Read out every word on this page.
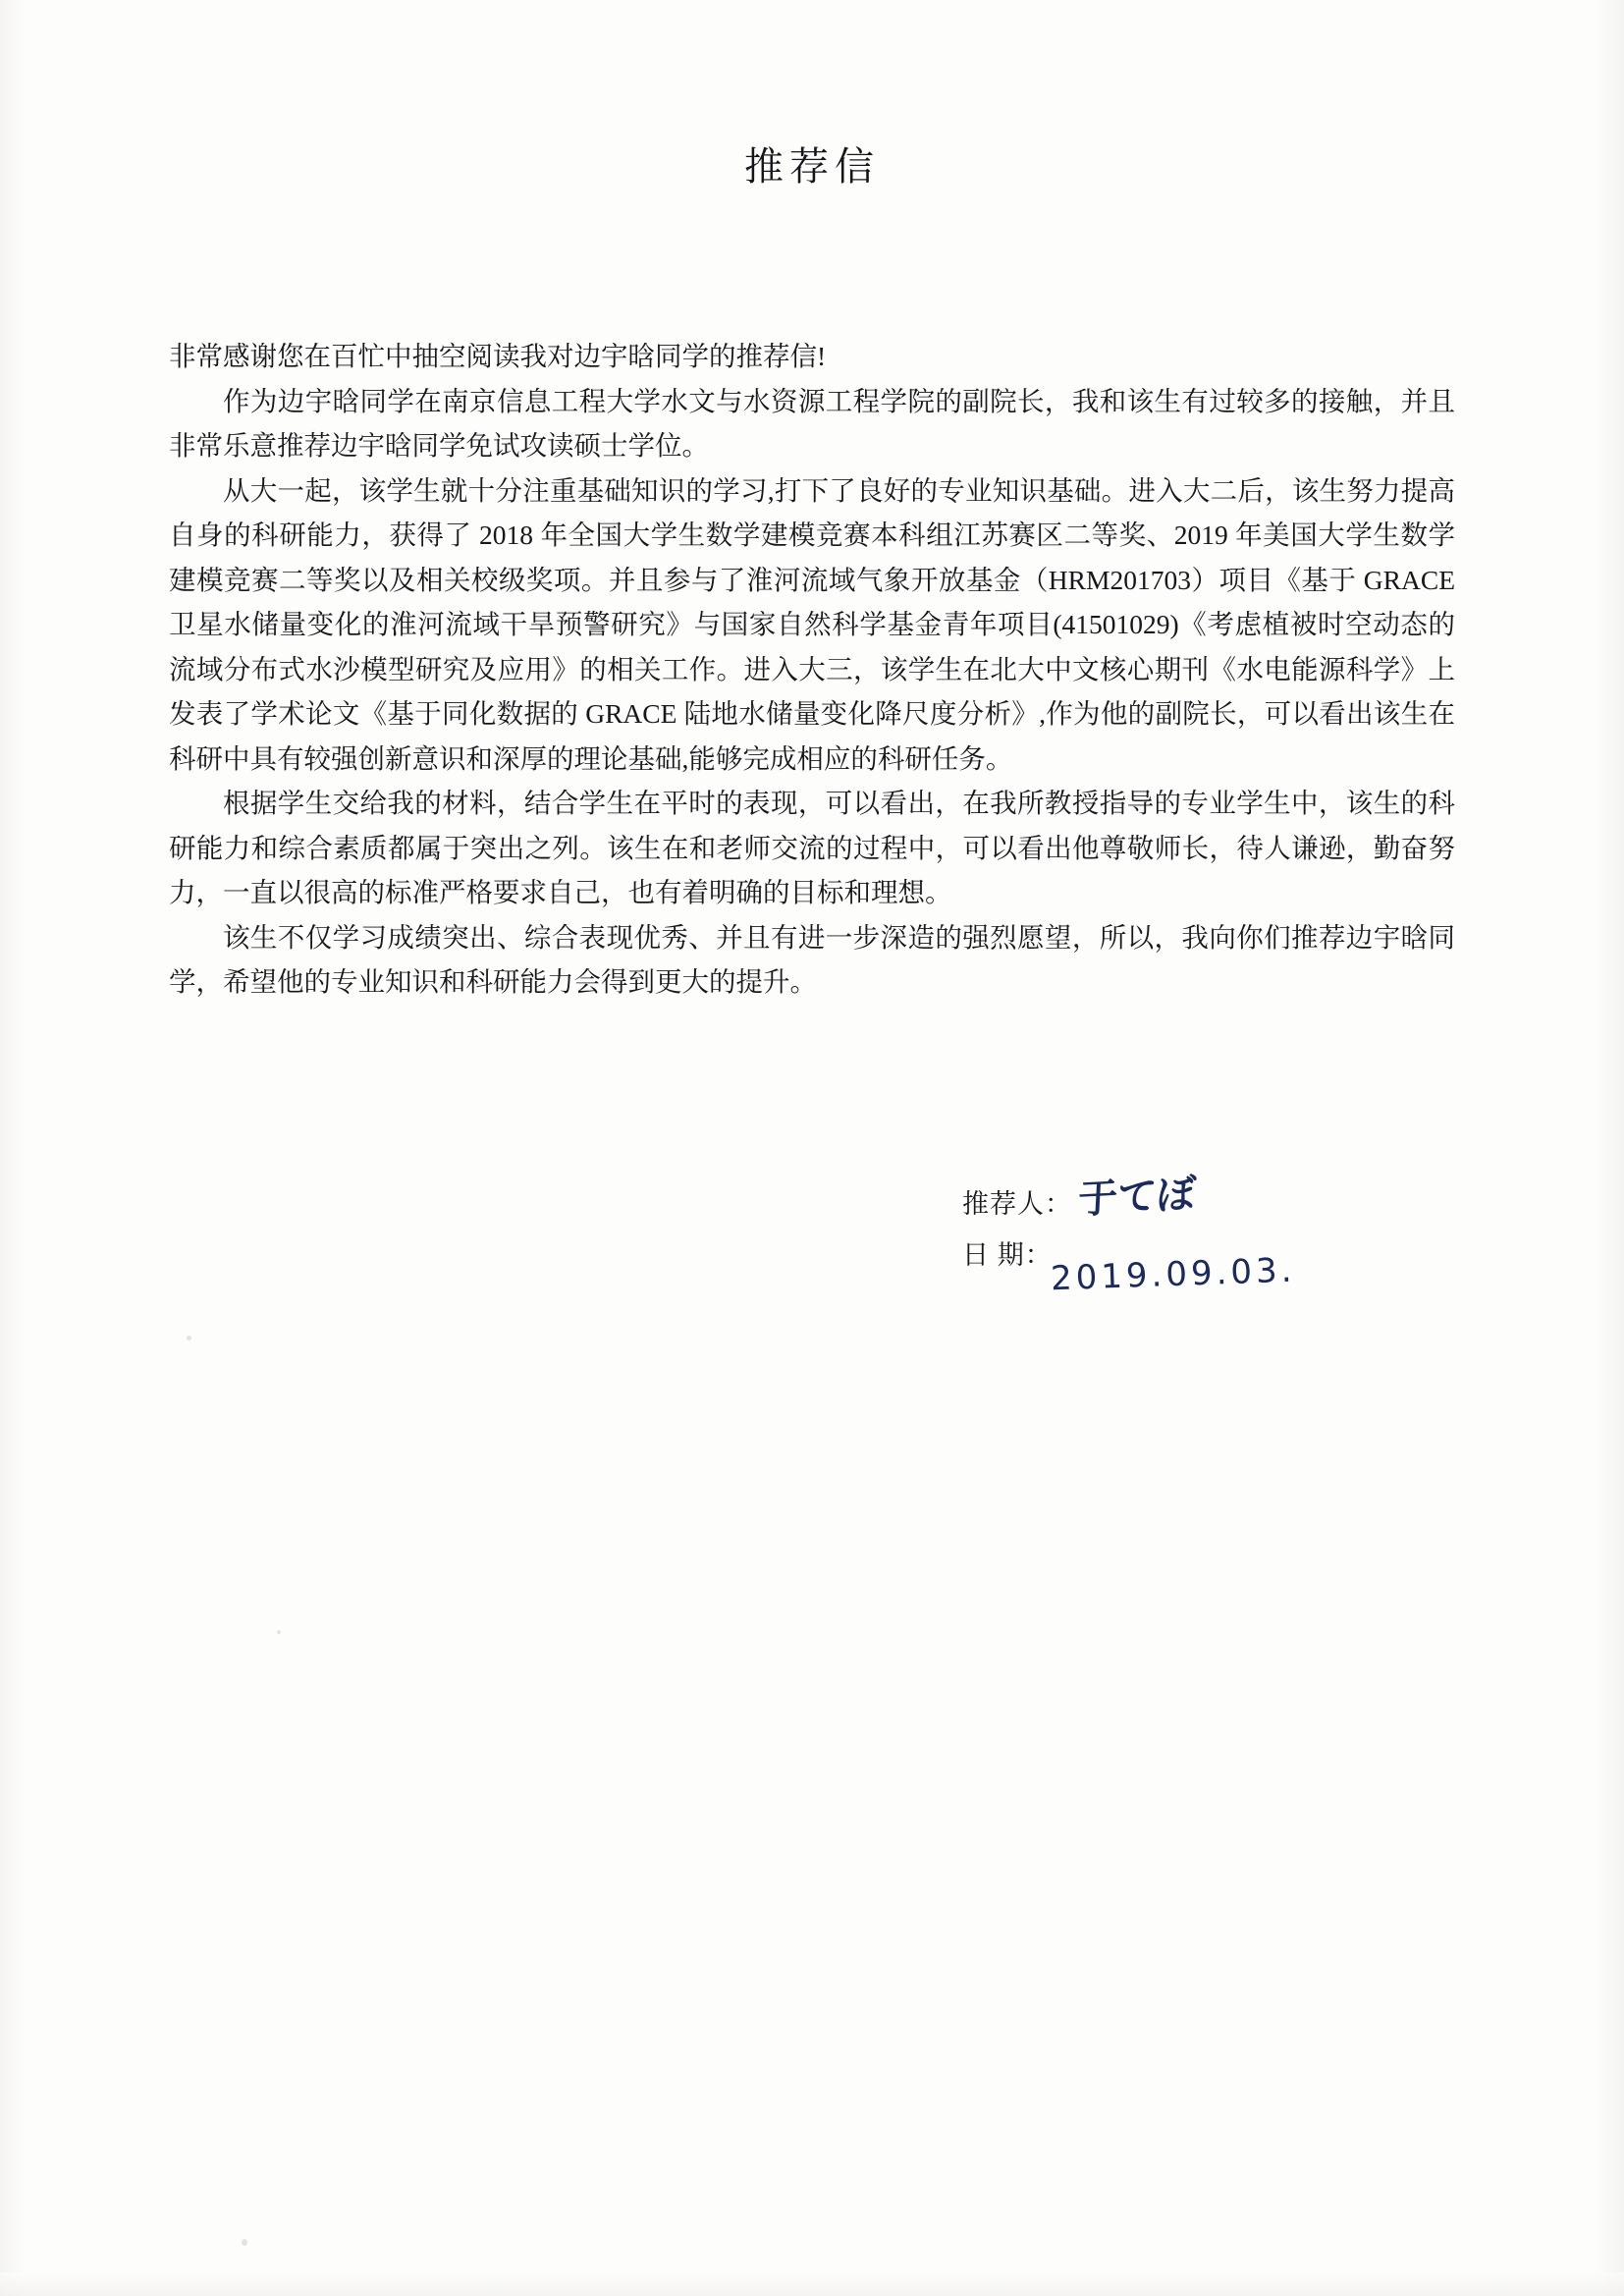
推荐信

非常感谢您在百忙中抽空阅读我对边宇晗同学的推荐信!

作为边宇晗同学在南京信息工程大学水文与水资源工程学院的副院长，我和该生有过较多的接触，并且非常乐意推荐边宇晗同学免试攻读硕士学位。

从大一起，该学生就十分注重基础知识的学习,打下了良好的专业知识基础。进入大二后，该生努力提高自身的科研能力，获得了 2018 年全国大学生数学建模竞赛本科组江苏赛区二等奖、2019 年美国大学生数学建模竞赛二等奖以及相关校级奖项。并且参与了淮河流域气象开放基金（HRM201703）项目《基于 GRACE 卫星水储量变化的淮河流域干旱预警研究》与国家自然科学基金青年项目(41501029)《考虑植被时空动态的流域分布式水沙模型研究及应用》的相关工作。进入大三，该学生在北大中文核心期刊《水电能源科学》上发表了学术论文《基于同化数据的 GRACE 陆地水储量变化降尺度分析》,作为他的副院长，可以看出该生在科研中具有较强创新意识和深厚的理论基础,能够完成相应的科研任务。

根据学生交给我的材料，结合学生在平时的表现，可以看出，在我所教授指导的专业学生中，该生的科研能力和综合素质都属于突出之列。该生在和老师交流的过程中，可以看出他尊敬师长，待人谦逊，勤奋努力，一直以很高的标准严格要求自己，也有着明确的目标和理想。

该生不仅学习成绩突出、综合表现优秀、并且有进一步深造的强烈愿望，所以，我向你们推荐边宇晗同学，希望他的专业知识和科研能力会得到更大的提升。

推荐人： 于てぼ
日 期：
2019.09.03.
